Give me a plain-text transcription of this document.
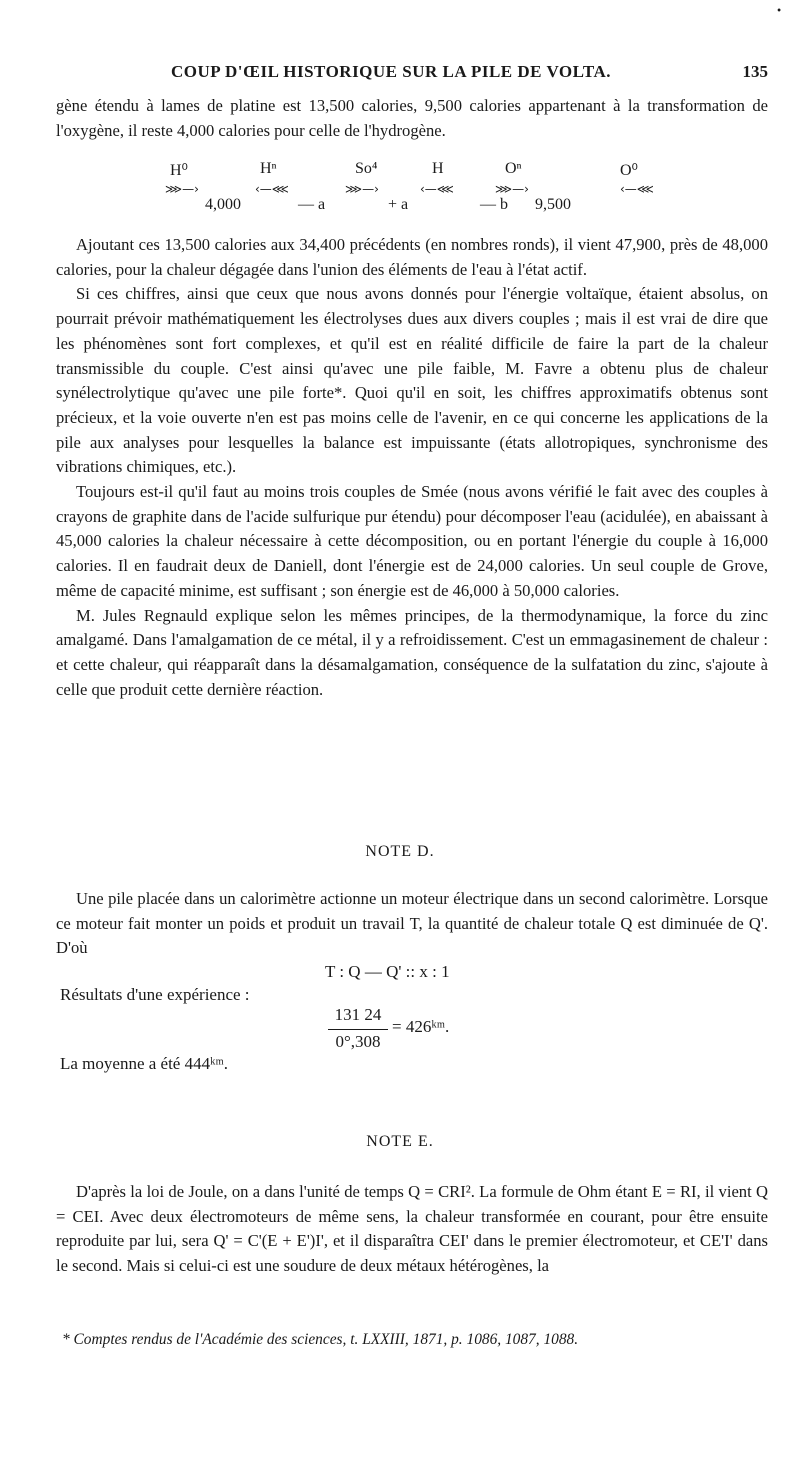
•
COUP D'ŒIL HISTORIQUE SUR LA PILE DE VOLTA.	135

gène étendu à lames de platine est 13,500 calories, 9,500 calories appartenant à la transformation de l'oxygène, il reste 4,000 calories pour celle de l'hydrogène.

H⁰	Hⁿ	So⁴	H	Oⁿ	O⁰
⋙—›	‹—⋘	⋙—›	‹—⋘	⋙—›	‹—⋘
4,000	— a	+ a	— b 9,500

Ajoutant ces 13,500 calories aux 34,400 précédents (en nombres ronds), il vient 47,900, près de 48,000 calories, pour la chaleur dégagée dans l'union des éléments de l'eau à l'état actif.

Si ces chiffres, ainsi que ceux que nous avons donnés pour l'énergie voltaïque, étaient absolus, on pourrait prévoir mathématiquement les électrolyses dues aux divers couples ; mais il est vrai de dire que les phénomènes sont fort complexes, et qu'il est en réalité difficile de faire la part de la chaleur transmissible du couple. C'est ainsi qu'avec une pile faible, M. Favre a obtenu plus de chaleur synélectrolytique qu'avec une pile forte*. Quoi qu'il en soit, les chiffres approximatifs obtenus sont précieux, et la voie ouverte n'en est pas moins celle de l'avenir, en ce qui concerne les applications de la pile aux analyses pour lesquelles la balance est impuissante (états allotropiques, synchronisme des vibrations chimiques, etc.).

Toujours est-il qu'il faut au moins trois couples de Smée (nous avons vérifié le fait avec des couples à crayons de graphite dans de l'acide sulfurique pur étendu) pour décomposer l'eau (acidulée), en abaissant à 45,000 calories la chaleur nécessaire à cette décomposition, ou en portant l'énergie du couple à 16,000 calories. Il en faudrait deux de Daniell, dont l'énergie est de 24,000 calories. Un seul couple de Grove, même de capacité minime, est suffisant ; son énergie est de 46,000 à 50,000 calories.

M. Jules Regnauld explique selon les mêmes principes, de la thermodynamique, la force du zinc amalgamé. Dans l'amalgamation de ce métal, il y a refroidissement. C'est un emmagasinement de chaleur : et cette chaleur, qui réapparaît dans la désamalgamation, conséquence de la sulfatation du zinc, s'ajoute à celle que produit cette dernière réaction.

NOTE D.

Une pile placée dans un calorimètre actionne un moteur électrique dans un second calorimètre. Lorsque ce moteur fait monter un poids et produit un travail T, la quantité de chaleur totale Q est diminuée de Q'. D'où

T : Q — Q' :: x : 1
Résultats d'une expérience :
131 24
0°,308
= 426ᵏᵐ.
La moyenne a été 444ᵏᵐ.
NOTE E.

D'après la loi de Joule, on a dans l'unité de temps Q = CRI². La formule de Ohm étant E = RI, il vient Q = CEI. Avec deux électromoteurs de même sens, la chaleur transformée en courant, pour être ensuite reproduite par lui, sera Q' = C'(E + E')I', et il disparaîtra CEI' dans le premier électromoteur, et CE'I' dans le second. Mais si celui-ci est une soudure de deux métaux hétérogènes, la

* Comptes rendus de l'Académie des sciences, t. LXXIII, 1871, p. 1086, 1087, 1088.
